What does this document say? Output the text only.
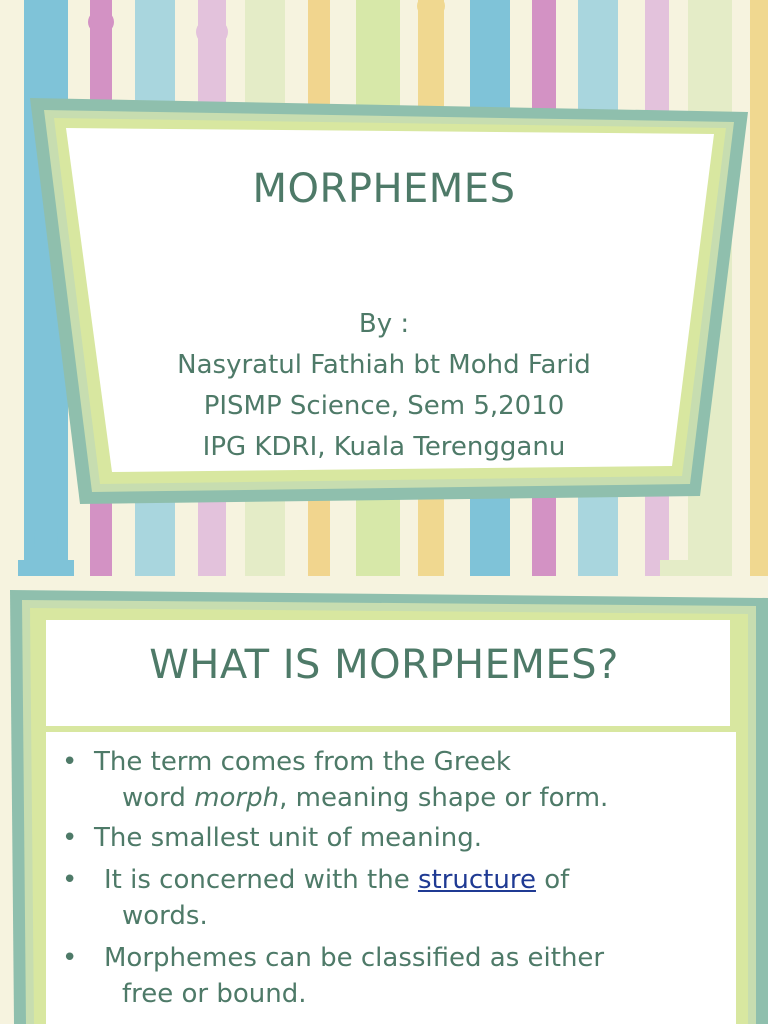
MORPHEMES
By :
Nasyratul Fathiah bt Mohd Farid
PISMP Science, Sem 5,2010
IPG KDRI, Kuala Terengganu
WHAT IS MORPHEMES?
• The term comes from the Greek
word morph, meaning shape or form.
• The smallest unit of meaning.
• It is concerned with the structure of
words.
• Morphemes can be classified as either
free or bound.
